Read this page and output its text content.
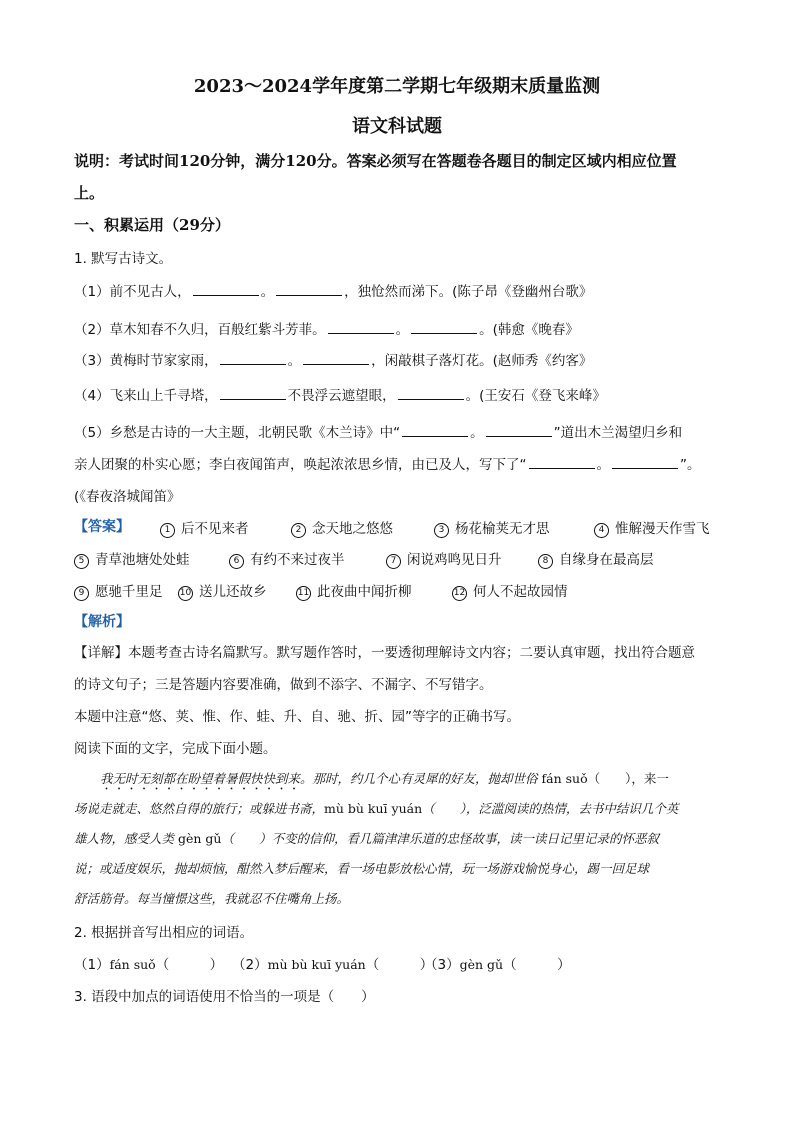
2023～2024学年度第二学期七年级期末质量监测
语文科试题
说明：考试时间120分钟，满分120分。答案必须写在答题卷各题目的制定区域内相应位置
上。
一、积累运用（29分）
1. 默写古诗文。
（1）前不见古人，	。	，独怆然而涕下。(陈子昂《登幽州台歌》
（2）草木知春不久归，百般红紫斗芳菲。	。	。(韩愈《晚春》
（3）黄梅时节家家雨，	。	，闲敲棋子落灯花。(赵师秀《约客》
（4）飞来山上千寻塔，	不畏浮云遮望眼，	。(王安石《登飞来峰》
（5）乡愁是古诗的一大主题，北朝民歌《木兰诗》中“	。	”道出木兰渴望归乡和
亲人团聚的朴实心愿；李白夜闻笛声，唤起浓浓思乡情，由已及人，写下了“	。	”。
(《春夜洛城闻笛》
【答案】	1 后不见来者	2 念天地之悠悠	3 杨花榆荚无才思	4 惟解漫天作雪飞
5 青草池塘处处蛙	6 有约不来过夜半	7 闲说鸡鸣见日升	8 自缘身在最高层
9 愿驰千里足 10 送儿还故乡	11 此夜曲中闻折柳	12 何人不起故园情
【解析】
【详解】本题考查古诗名篇默写。默写题作答时，一要透彻理解诗文内容；二要认真审题，找出符合题意
的诗文句子；三是答题内容要准确，做到不添字、不漏字、不写错字。
本题中注意“悠、荚、惟、作、蛙、升、自、驰、折、园”等字的正确书写。
阅读下面的文字，完成下面小题。
我无时无刻都在盼望着暑假快快到来。那时，约几个心有灵犀的好友，抛却世俗 fán suǒ（　　），来一
场说走就走、悠然自得的旅行；或躲进书斋，mù bù kuī yuán（　　），泛滥阅读的热情，去书中结识几个英
雄人物，感受人类 gèn gǔ（　　）不变的信仰，看几篇津津乐道的忠怪故事，读一读日记里记录的怀恶叙
说；或适度娱乐，抛却烦恼，酣然入梦后醒来，看一场电影放松心情，玩一场游戏愉悦身心，踢一回足球
舒活筋骨。每当憧憬这些，我就忍不住嘴角上扬。
2. 根据拼音写出相应的词语。
（1）fán suǒ（　　　） （2）mù bù kuī yuán（　　　）
（3）gèn gǔ（　　　）
3. 语段中加点的词语使用不恰当的一项是（　　）
